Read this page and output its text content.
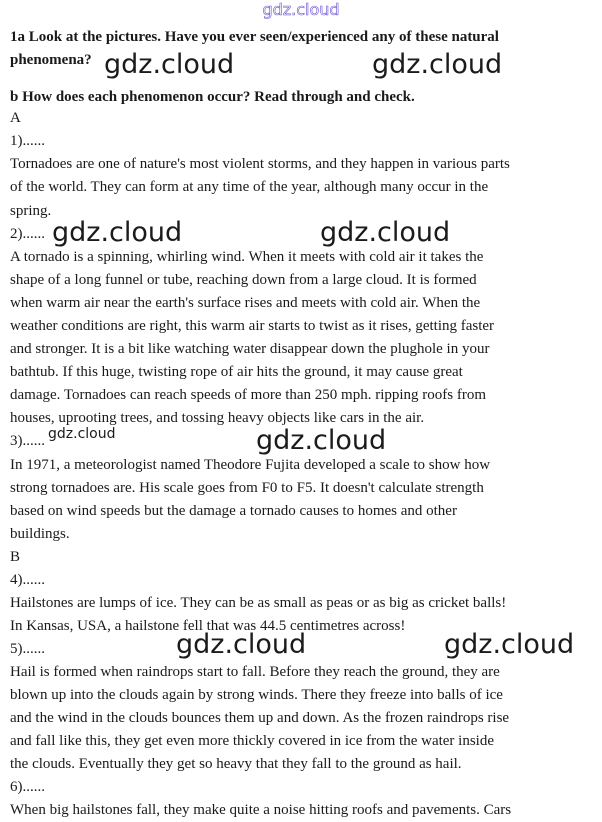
gdz.cloud
1a Look at the pictures. Have you ever seen/experienced any of these natural
phenomena?
b How does each phenomenon occur? Read through and check.
A
1)......
Tornadoes are one of nature's most violent storms, and they happen in various parts
of the world. They can form at any time of the year, although many occur in the
spring.
2)......
A tornado is a spinning, whirling wind. When it meets with cold air it takes the
shape of a long funnel or tube, reaching down from a large cloud. It is formed
when warm air near the earth's surface rises and meets with cold air. When the
weather conditions are right, this warm air starts to twist as it rises, getting faster
and stronger. It is a bit like watching water disappear down the plughole in your
bathtub. If this huge, twisting rope of air hits the ground, it may cause great
damage. Tornadoes can reach speeds of more than 250 mph. ripping roofs from
houses, uprooting trees, and tossing heavy objects like cars in the air.
3)......
In 1971, a meteorologist named Theodore Fujita developed a scale to show how
strong tornadoes are. His scale goes from F0 to F5. It doesn't calculate strength
based on wind speeds but the damage a tornado causes to homes and other
buildings.
B
4)......
Hailstones are lumps of ice. They can be as small as peas or as big as cricket balls!
In Kansas, USA, a hailstone fell that was 44.5 centimetres across!
5)......
Hail is formed when raindrops start to fall. Before they reach the ground, they are
blown up into the clouds again by strong winds. There they freeze into balls of ice
and the wind in the clouds bounces them up and down. As the frozen raindrops rise
and fall like this, they get even more thickly covered in ice from the water inside
the clouds. Eventually they get so heavy that they fall to the ground as hail.
6)......
When big hailstones fall, they make quite a noise hitting roofs and pavements. Cars
gdz.cloud	gdz.cloud
gdz.cloud	gdz.cloud
gdz.cloud	gdz.cloud
gdz.cloud	gdz.cloud
